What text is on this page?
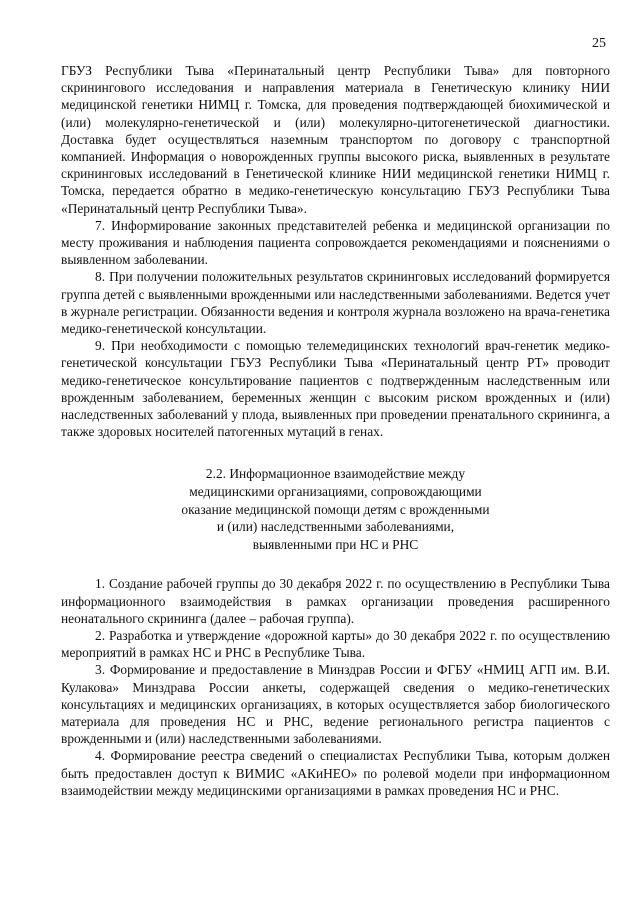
25

ГБУЗ Республики Тыва «Перинатальный центр Республики Тыва» для повторного скринингового исследования и направления материала в Генетическую клинику НИИ медицинской генетики НИМЦ г. Томска, для проведения подтверждающей биохимической и (или) молекулярно-генетической и (или) молекулярно-цитогенетической диагностики. Доставка будет осуществляться наземным транспортом по договору с транспортной компанией. Информация о новорожденных группы высокого риска, выявленных в результате скрининговых исследований в Генетической клинике НИИ медицинской генетики НИМЦ г. Томска, передается обратно в медико-генетическую консультацию ГБУЗ Республики Тыва «Перинатальный центр Республики Тыва».

7. Информирование законных представителей ребенка и медицинской организации по месту проживания и наблюдения пациента сопровождается рекомендациями и пояснениями о выявленном заболевании.

8. При получении положительных результатов скрининговых исследований формируется группа детей с выявленными врожденными или наследственными заболеваниями. Ведется учет в журнале регистрации. Обязанности ведения и контроля журнала возложено на врача-генетика медико-генетической консультации.

9. При необходимости с помощью телемедицинских технологий врач-генетик медико-генетической консультации ГБУЗ Республики Тыва «Перинатальный центр РТ» проводит медико-генетическое консультирование пациентов с подтвержденным наследственным или врожденным заболеванием, беременных женщин с высоким риском врожденных и (или) наследственных заболеваний у плода, выявленных при проведении пренатального скрининга, а также здоровых носителей патогенных мутаций в генах.

2.2. Информационное взаимодействие между
медицинскими организациями, сопровождающими
оказание медицинской помощи детям с врожденными
и (или) наследственными заболеваниями,
выявленными при НС и РНС

1. Создание рабочей группы до 30 декабря 2022 г. по осуществлению в Республики Тыва информационного взаимодействия в рамках организации проведения расширенного неонатального скрининга (далее – рабочая группа).

2. Разработка и утверждение «дорожной карты» до 30 декабря 2022 г. по осуществлению мероприятий в рамках НС и РНС в Республике Тыва.

3. Формирование и предоставление в Минздрав России и ФГБУ «НМИЦ АГП им. В.И. Кулакова» Минздрава России анкеты, содержащей сведения о медико-генетических консультациях и медицинских организациях, в которых осуществляется забор биологического материала для проведения НС и РНС, ведение регионального регистра пациентов с врожденными и (или) наследственными заболеваниями.

4. Формирование реестра сведений о специалистах Республики Тыва, которым должен быть предоставлен доступ к ВИМИС «АКиНЕО» по ролевой модели при информационном взаимодействии между медицинскими организациями в рамках проведения НС и РНС.
